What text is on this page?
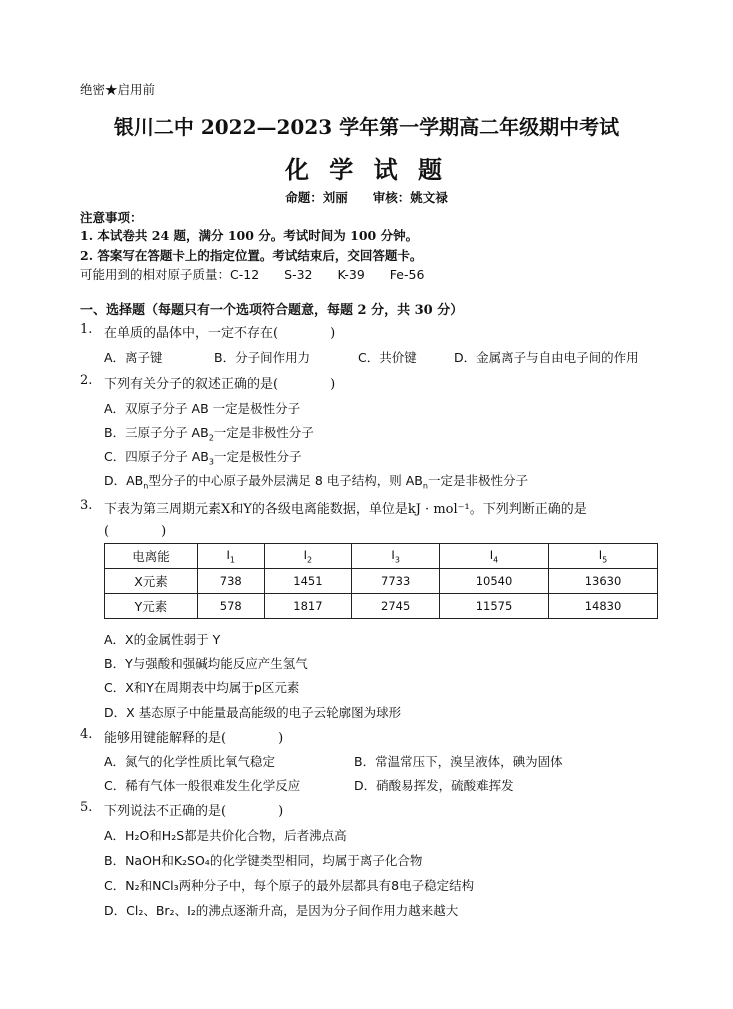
绝密★启用前
银川二中 2022—2023 学年第一学期高二年级期中考试
化 学 试 题
命题：刘丽　　审核：姚文禄
注意事项：
1. 本试卷共 24 题，满分 100 分。考试时间为 100 分钟。
2. 答案写在答题卡上的指定位置。考试结束后，交回答题卡。
可能用到的相对原子质量：C-12　　S-32　　K-39　　Fe-56
一、选择题（每题只有一个选项符合题意，每题 2 分，共 30 分）
1. 在单质的晶体中，一定不存在(　　　　)
A．离子键	B．分子间作用力	C．共价键	D．金属离子与自由电子间的作用
2. 下列有关分子的叙述正确的是(　　　　)
A．双原子分子 AB 一定是极性分子
B．三原子分子 $AB_2$一定是非极性分子
C．四原子分子 $AB_3$一定是极性分子
D．$AB_n$型分子的中心原子最外层满足 8 电子结构，则 $AB_n$一定是非极性分子
3. 下表为第三周期元素X和Y的各级电离能数据，单位是kJ · mol⁻¹。下列判断正确的是
(　　　　)
电离能	$I_1$	$I_2$	$I_3$	$I_4$	$I_5$
X元素	738	1451	7733	10540	13630
Y元素	578	1817	2745	11575	14830
A．X的金属性弱于 Y
B．Y与强酸和强碱均能反应产生氢气
C．X和Y在周期表中均属于p区元素
D．X 基态原子中能量最高能级的电子云轮廓图为球形
4. 能够用键能解释的是(　　　　)
A．氮气的化学性质比氧气稳定	B．常温常压下，溴呈液体，碘为固体
C．稀有气体一般很难发生化学反应	D．硝酸易挥发，硫酸难挥发
5. 下列说法不正确的是(　　　　)
A．H₂O和H₂S都是共价化合物，后者沸点高
B．NaOH和K₂SO₄的化学键类型相同，均属于离子化合物
C．N₂和NCl₃两种分子中，每个原子的最外层都具有8电子稳定结构
D．Cl₂、Br₂、I₂的沸点逐渐升高，是因为分子间作用力越来越大
